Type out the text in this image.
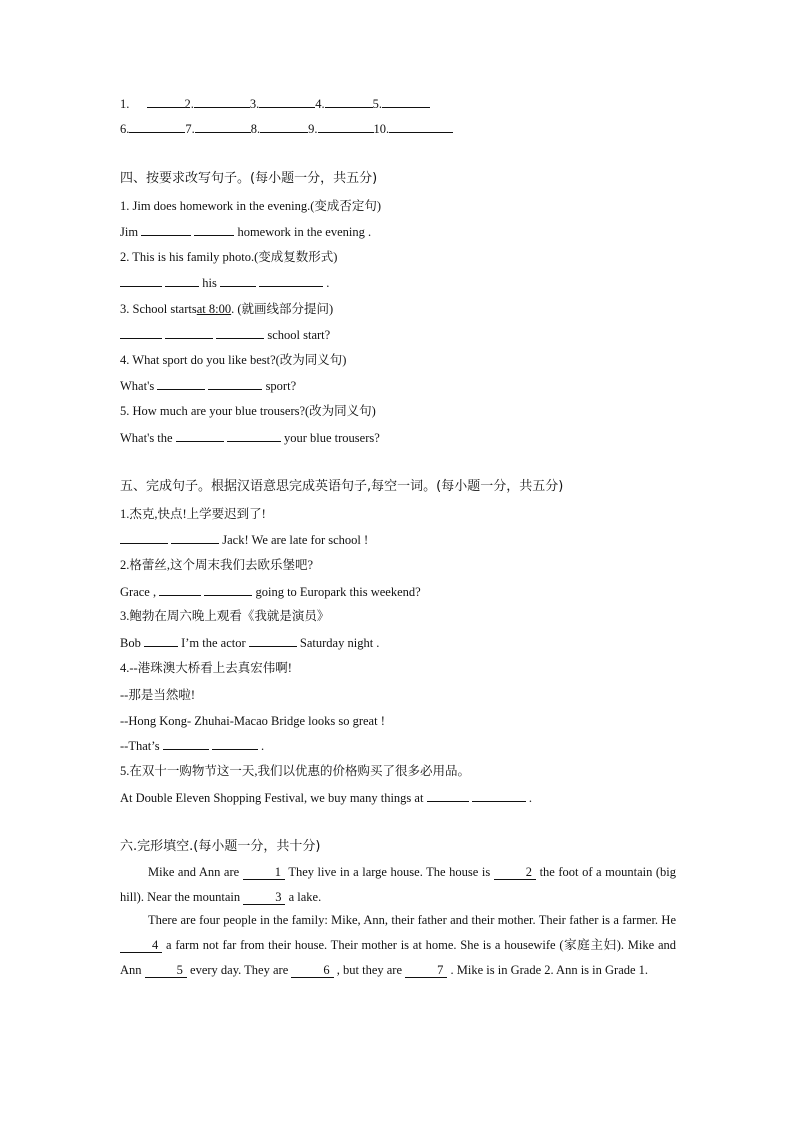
1.	2.	3.	4.	5.
6.	7.	8.	9.	10.
四、按要求改写句子。(每小题一分，共五分)
1. Jim does homework in the evening.(变成否定句)
Jim	homework in the evening .
2. This is his family photo.(变成复数形式)
his	.
3. School startsat 8:00. (就画线部分提问)
school start?
4. What sport do you like best?(改为同义句)
What's	sport?
5. How much are your blue trousers?(改为同义句)
What's the	your blue trousers?
五、完成句子。根据汉语意思完成英语句子,每空一词。(每小题一分，共五分)
1.杰克,快点!上学要迟到了!
Jack! We are late for school !
2.格蕾丝,这个周末我们去欧乐堡吧?
Grace ,	going to Europark this weekend?
3.鲍勃在周六晚上观看《我就是演员》
Bob	I’m the actor	Saturday night .
4.--港珠澳大桥看上去真宏伟啊!
--那是当然啦!
--Hong Kong- Zhuhai-Macao Bridge looks so great !
--That’s	.
5.在双十一购物节这一天,我们以优惠的价格购买了很多必用品。
At Double Eleven Shopping Festival, we buy many things at	.
六.完形填空.(每小题一分，共十分)
Mike and Ann are	1 They live in a large house. The house is	2 the foot of a mountain (big hill). Near the mountain	3 a lake.
There are four people in the family: Mike, Ann, their father and their mother. Their father is a farmer. He 4 a farm not far from their house. Their mother is at home. She is a housewife (家庭主妇). Mike and Ann	5 every day. They are	6 , but they are	7 . Mike is in Grade 2. Ann is in Grade 1.
